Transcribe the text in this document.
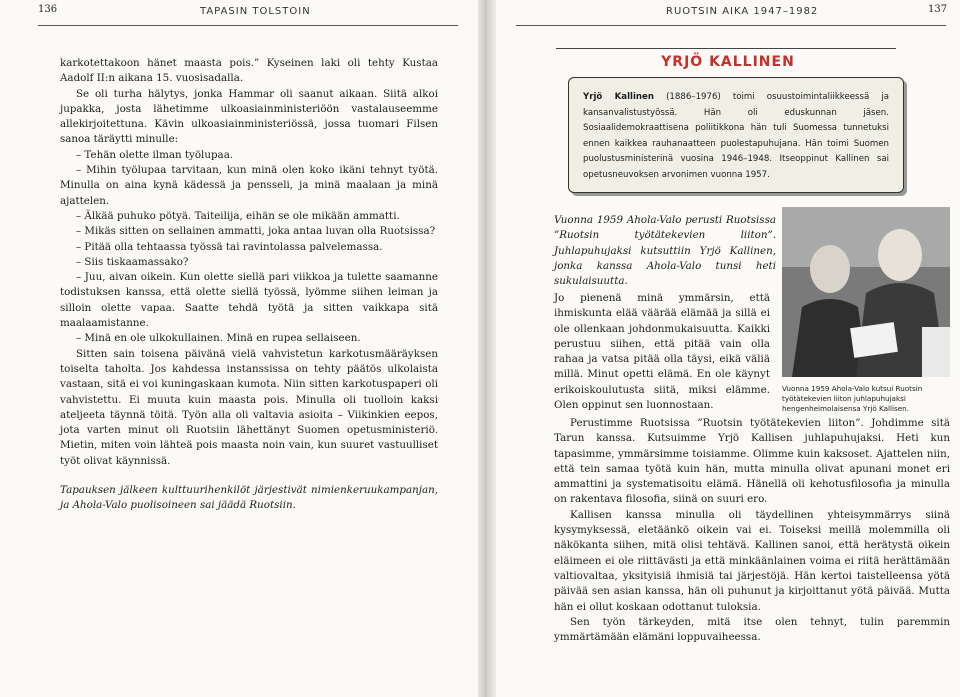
136	TAPASIN TOLSTOIN

karkotettakoon hänet maasta pois.” Kyseinen laki oli tehty Kustaa Aadolf II:n aikana 15. vuosisadalla.

Se oli turha hälytys, jonka Hammar oli saanut aikaan. Siitä alkoi jupakka, josta lähetimme ulkoasiainministeriöön vastalauseemme allekirjoitettuna. Kävin ulkoasiainministeriössä, jossa tuomari Filsen sanoa täräytti minulle:

– Tehän olette ilman työlupaa.

– Mihin työlupaa tarvitaan, kun minä olen koko ikäni tehnyt työtä. Minulla on aina kynä kädessä ja pensseli, ja minä maalaan ja minä ajattelen.

– Älkää puhuko pötyä. Taiteilija, eihän se ole mikään ammatti.

– Mikäs sitten on sellainen ammatti, joka antaa luvan olla Ruotsissa?

– Pitää olla tehtaassa työssä tai ravintolassa palvelemassa.

– Siis tiskaamassako?

– Juu, aivan oikein. Kun olette siellä pari viikkoa ja tulette saamanne todistuksen kanssa, että olette siellä työssä, lyömme siihen leiman ja silloin olette vapaa. Saatte tehdä työtä ja sitten vaikkapa sitä maalaamistanne.

– Minä en ole ulkokullainen. Minä en rupea sellaiseen.

Sitten sain toisena päivänä vielä vahvistetun karkotusmääräyksen toiselta taholta. Jos kahdessa instanssissa on tehty päätös ulkolaista vastaan, sitä ei voi kuningaskaan kumota. Niin sitten karkotuspaperi oli vahvistettu. Ei muuta kuin maasta pois. Minulla oli tuolloin kaksi ateljeeta täynnä töitä. Työn alla oli valtavia asioita – Viikinkien eepos, jota varten minut oli Ruotsiin lähettänyt Suomen opetusministeriö. Mietin, miten voin lähteä pois maasta noin vain, kun suuret vastuulliset työt olivat käynnissä.

Tapauksen jälkeen kulttuurihenkilöt järjestivät nimienkeruukampanjan, ja Ahola-Valo puolisoineen sai jäädä Ruotsiin.

RUOTSIN AIKA 1947–1982	137
YRJÖ KALLINEN
Yrjö Kallinen (1886–1976) toimi osuustoimintaliikkeessä ja kansanvalistustyössä. Hän oli eduskunnan jäsen. Sosiaalidemokraattisena poliitikkona hän tuli Suomessa tunnetuksi ennen kaikkea rauhanaatteen puolestapuhujana. Hän toimi Suomen puolustusministerinä vuosina 1946–1948. Itseoppinut Kallinen sai opetusneuvoksen arvonimen vuonna 1957.

Vuonna 1959 Ahola-Valo perusti Ruotsissa ”Ruotsin työtätekevien liiton”. Juhlapuhujaksi kutsuttiin Yrjö Kallinen, jonka kanssa Ahola-Valo tunsi heti sukulaisuutta.

Vuonna 1959 Ahola-Valo kutsui Ruotsin työtätekevien liiton juhlapuhujaksi hengenheimolaisensa Yrjö Kallisen.

Jo pienenä minä ymmärsin, että ihmiskunta elää väärää elämää ja sillä ei ole ollenkaan johdonmukaisuutta. Kaikki perustuu siihen, että pitää vain olla rahaa ja vatsa pitää olla täysi, eikä väliä millä. Minut opetti elämä. En ole käynyt erikoiskoulutusta siitä, miksi elämme. Olen oppinut sen luonnostaan.

Perustimme Ruotsissa ”Ruotsin työtätekevien liiton”. Johdimme sitä Tarun kanssa. Kutsuimme Yrjö Kallisen juhlapuhujaksi. Heti kun tapasimme, ymmärsimme toisiamme. Olimme kuin kaksoset. Ajattelen niin, että tein samaa työtä kuin hän, mutta minulla olivat apunani monet eri ammattini ja systematisoitu elämä. Hänellä oli kehotusfilosofia ja minulla on rakentava filosofia, siinä on suuri ero.

Kallisen kanssa minulla oli täydellinen yhteisymmärrys siinä kysymyksessä, eletäänkö oikein vai ei. Toiseksi meillä molemmilla oli näkökanta siihen, mitä olisi tehtävä. Kallinen sanoi, että herätystä oikein eläimeen ei ole riittävästi ja että minkäänlainen voima ei riitä herättämään valtiovaltaa, yksityisiä ihmisiä tai järjestöjä. Hän kertoi taistelleensa yötä päivää sen asian kanssa, hän oli puhunut ja kirjoittanut yötä päivää. Mutta hän ei ollut koskaan odottanut tuloksia.

Sen työn tärkeyden, mitä itse olen tehnyt, tulin paremmin ymmärtämään elämäni loppuvaiheessa.
